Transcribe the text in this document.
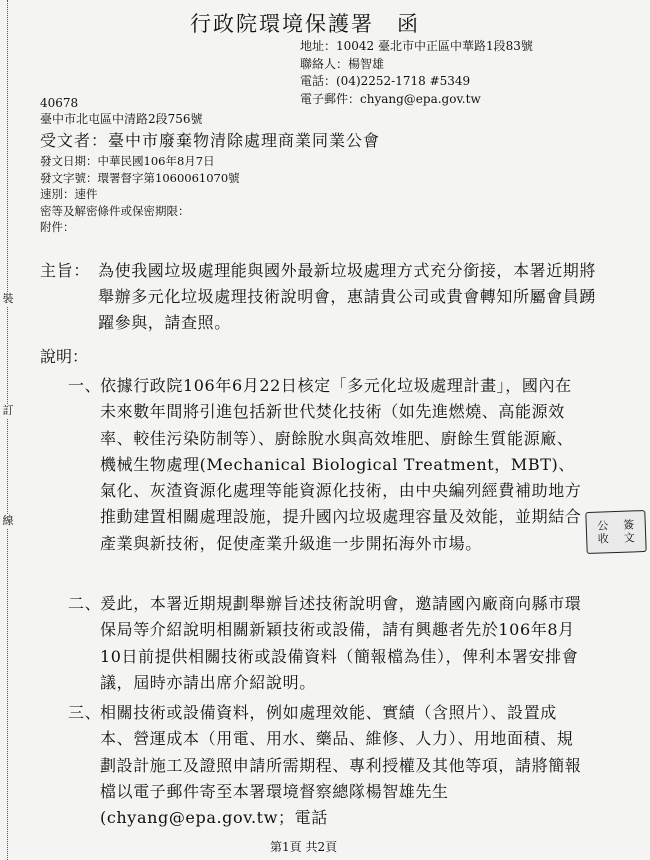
裝
訂
線
行政院環境保護署　函
地址：10042 臺北市中正區中華路1段83號
聯絡人：楊智雄
電話：(04)2252-1718 #5349
電子郵件：chyang@epa.gov.tw
40678
臺中市北屯區中清路2段756號
受文者：臺中市廢棄物清除處理商業同業公會
發文日期：中華民國106年8月7日
發文字號：環署督字第1060061070號
速別：速件
密等及解密條件或保密期限：
附件：
主旨： 為使我國垃圾處理能與國外最新垃圾處理方式充分銜接，本署近期將舉辦多元化垃圾處理技術說明會，惠請貴公司或貴會轉知所屬會員踴躍參與，請查照。
說明：
一、
依據行政院106年6月22日核定「多元化垃圾處理計畫」，國內在未來數年間將引進包括新世代焚化技術（如先進燃燒、高能源效率、較佳污染防制等）、廚餘脫水與高效堆肥、廚餘生質能源廠、機械生物處理(Mechanical Biological Treatment，MBT)、氣化、灰渣資源化處理等能資源化技術，由中央編列經費補助地方推動建置相關處理設施，提升國內垃圾處理容量及效能，並期結合產業與新技術，促使產業升級進一步開拓海外市場。
公	簽
收	文
二、
爰此，本署近期規劃舉辦旨述技術說明會，邀請國內廠商向縣市環保局等介紹說明相關新穎技術或設備，請有興趣者先於106年8月10日前提供相關技術或設備資料（簡報檔為佳），俾利本署安排會議，屆時亦請出席介紹說明。
三、
相關技術或設備資料，例如處理效能、實績（含照片）、設置成本、營運成本（用電、用水、藥品、維修、人力）、用地面積、規劃設計施工及證照申請所需期程、專利授權及其他等項，請將簡報檔以電子郵件寄至本署環境督察總隊楊智雄先生(chyang@epa.gov.tw；電話
第1頁 共2頁
